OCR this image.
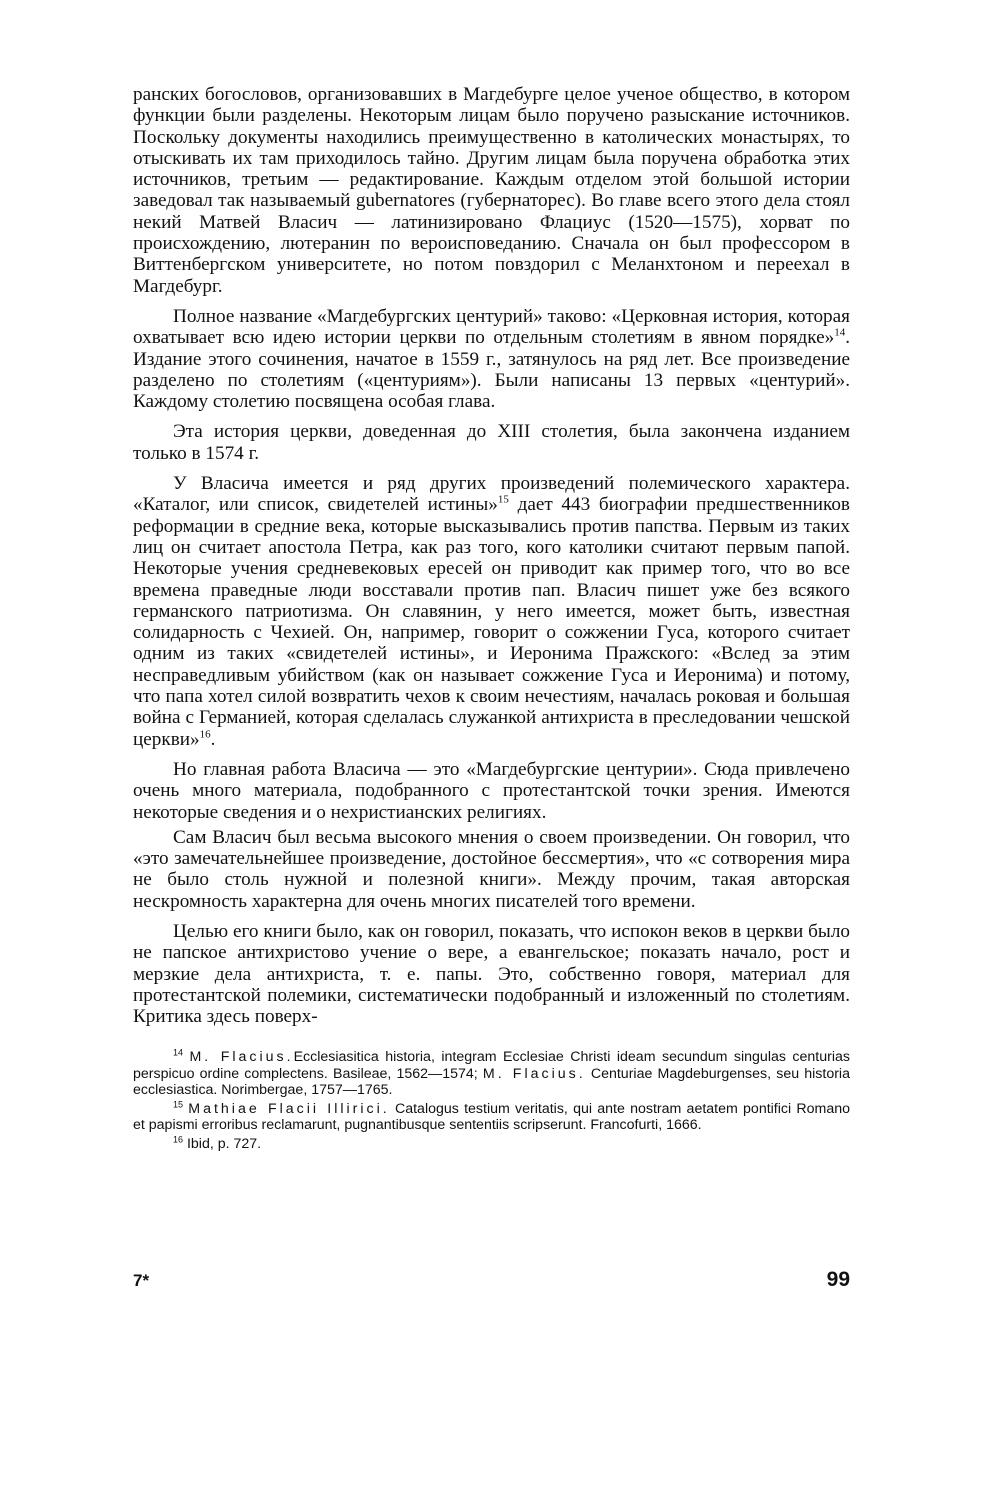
ранских богословов, организовавших в Магдебурге целое ученое общество, в котором функции были разделены. Некоторым лицам было поручено разыскание источников. Поскольку документы находились преимущественно в католических монастырях, то отыскивать их там приходилось тайно. Другим лицам была поручена обработка этих источников, третьим — редактирование. Каждым отделом этой большой истории заведовал так называемый gubernatores (губернаторес). Во главе всего этого дела стоял некий Матвей Власич — латинизировано Флациус (1520—1575), хорват по происхождению, лютеранин по вероисповеданию. Сначала он был профессором в Виттенбергском университете, но потом повздорил с Меланхтоном и переехал в Магдебург.

Полное название «Магдебургских центурий» таково: «Церковная история, которая охватывает всю идею истории церкви по отдельным столетиям в явном порядке»$^{14}$. Издание этого сочинения, начатое в 1559 г., затянулось на ряд лет. Все произведение разделено по столетиям («центуриям»). Были написаны 13 первых «центурий». Каждому столетию посвящена особая глава.

Эта история церкви, доведенная до XIII столетия, была закончена изданием только в 1574 г.

У Власича имеется и ряд других произведений полемического характера. «Каталог, или список, свидетелей истины»$^{15}$ дает 443 биографии предшественников реформации в средние века, которые высказывались против папства. Первым из таких лиц он считает апостола Петра, как раз того, кого католики считают первым папой. Некоторые учения средневековых ересей он приводит как пример того, что во все времена праведные люди восставали против пап. Власич пишет уже без всякого германского патриотизма. Он славянин, у него имеется, может быть, известная солидарность с Чехией. Он, например, говорит о сожжении Гуса, которого считает одним из таких «свидетелей истины», и Иеронима Пражского: «Вслед за этим несправедливым убийством (как он называет сожжение Гуса и Иеронима) и потому, что папа хотел силой возвратить чехов к своим нечестиям, началась роковая и большая война с Германией, которая сделалась служанкой антихриста в преследовании чешской церкви»$^{16}$.

Но главная работа Власича — это «Магдебургские центурии». Сюда привлечено очень много материала, подобранного с протестантской точки зрения. Имеются некоторые сведения и о нехристианских религиях.

Сам Власич был весьма высокого мнения о своем произведении. Он говорил, что «это замечательнейшее произведение, достойное бессмертия», что «с сотворения мира не было столь нужной и полезной книги». Между прочим, такая авторская нескромность характерна для очень многих писателей того времени.

Целью его книги было, как он говорил, показать, что испокон веков в церкви было не папское антихристово учение о вере, а евангельское; показать начало, рост и мерзкие дела антихриста, т. е. папы. Это, собственно говоря, материал для протестантской полемики, систематически подобранный и изложенный по столетиям. Критика здесь поверх-

$^{14}$ M. Flacius.Ecclesiasitica historia, integram Ecclesiae Christi ideam secundum singulas centurias perspicuo ordine complectens. Basileae, 1562—1574; M. Flacius. Centuriae Magdeburgenses, seu historia ecclesiastica. Norimbergae, 1757—1765.

$^{15}$ Mathiae Flacii Illirici. Catalogus testium veritatis, qui ante nostram aetatem pontifici Romano et papismi erroribus reclamarunt, pugnantibusque sententiis scripserunt. Francofurti, 1666.

$^{16}$ Ibid, p. 727.

7*	99
